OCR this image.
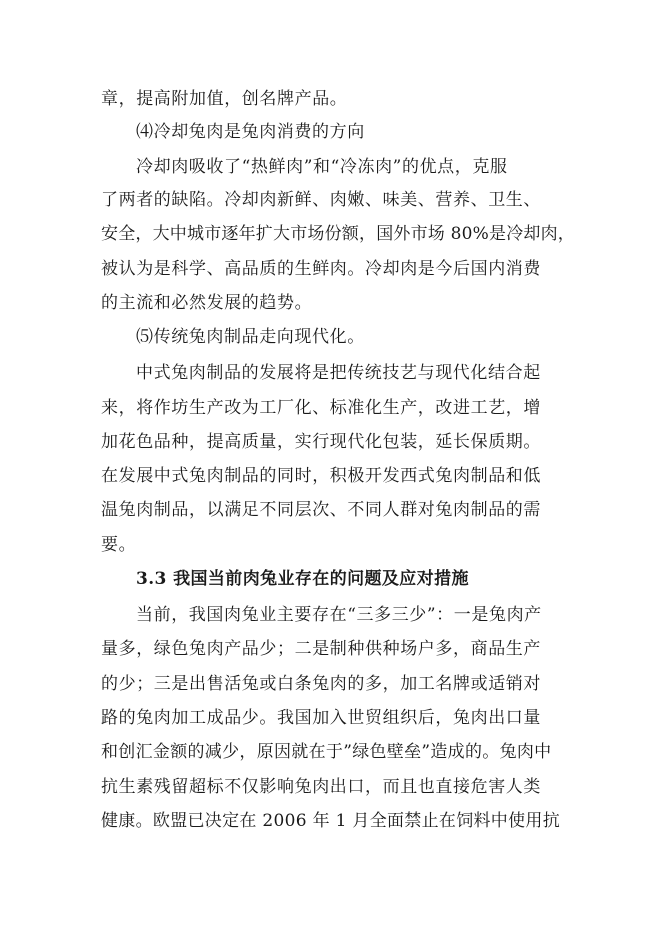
章，提高附加值，创名牌产品。
⑷冷却兔肉是兔肉消费的方向
冷却肉吸收了“热鲜肉”和“冷冻肉”的优点，克服
了两者的缺陷。冷却肉新鲜、肉嫩、味美、营养、卫生、
安全，大中城市逐年扩大市场份额，国外市场 80%是冷却肉，
被认为是科学、高品质的生鲜肉。冷却肉是今后国内消费
的主流和必然发展的趋势。
⑸传统兔肉制品走向现代化。
中式兔肉制品的发展将是把传统技艺与现代化结合起
来，将作坊生产改为工厂化、标准化生产，改进工艺，增
加花色品种，提高质量，实行现代化包装，延长保质期。
在发展中式兔肉制品的同时，积极开发西式兔肉制品和低
温兔肉制品，以满足不同层次、不同人群对兔肉制品的需
要。
3.3 我国当前肉兔业存在的问题及应对措施
当前，我国肉兔业主要存在“三多三少”：一是兔肉产
量多，绿色兔肉产品少；二是制种供种场户多，商品生产
的少；三是出售活兔或白条兔肉的多，加工名牌或适销对
路的兔肉加工成品少。我国加入世贸组织后，兔肉出口量
和创汇金额的减少，原因就在于”绿色壁垒”造成的。兔肉中
抗生素残留超标不仅影响兔肉出口，而且也直接危害人类
健康。欧盟已决定在 2006 年 1 月全面禁止在饲料中使用抗
